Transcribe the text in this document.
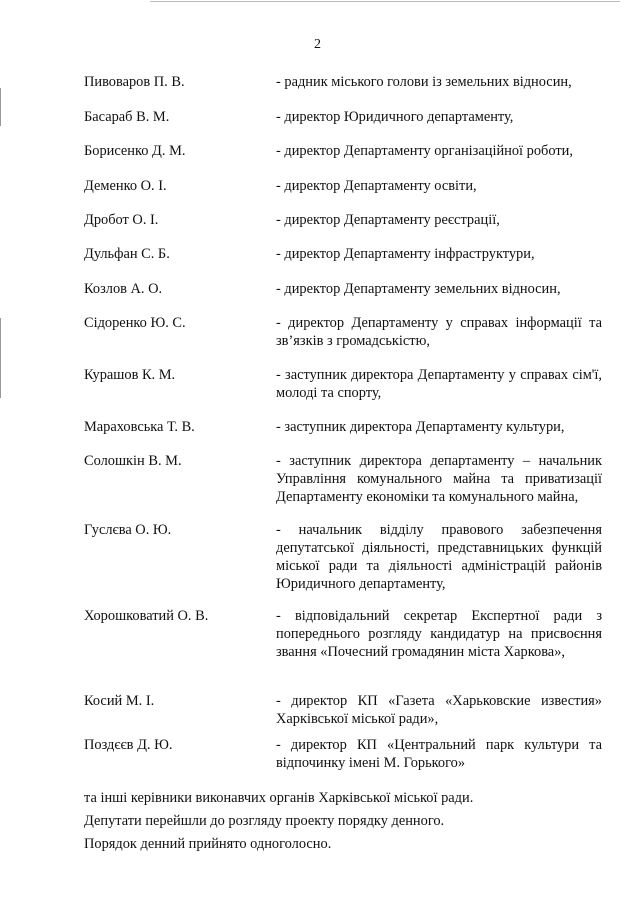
2
Пивоваров П. В.	- радник міського голови із земельних відносин,
Басараб В. М.	- директор Юридичного департаменту,
Борисенко Д. М.	- директор Департаменту організаційної роботи,
Деменко О. І.	- директор Департаменту освіти,
Дробот О. І.	- директор Департаменту реєстрації,
Дульфан С. Б.	- директор Департаменту інфраструктури,
Козлов А. О.	- директор Департаменту земельних відносин,
Сідоренко Ю. С.	- директор Департаменту у справах інформації та зв’язків з громадськістю,
Курашов К. М.	- заступник директора Департаменту у справах сім'ї, молоді та спорту,
Мараховська Т. В.	- заступник директора Департаменту культури,
Солошкін В. М.	- заступник директора департаменту – начальник Управління комунального майна та приватизації Департаменту економіки та комунального майна,
Гуслєва О. Ю.	- начальник відділу правового забезпечення депутатської діяльності, представницьких функцій міської ради та діяльності адміністрацій районів Юридичного департаменту,
Хорошковатий О. В.	- відповідальний секретар Експертної ради з попереднього розгляду кандидатур на присвоєння звання «Почесний громадянин міста Харкова»,
Косий М. І.	- директор КП «Газета «Харьковские известия» Харківської міської ради»,
Поздєєв Д. Ю.	- директор КП «Центральний парк культури та відпочинку імені М. Горького»
та інші керівники виконавчих органів Харківської міської ради.
Депутати перейшли до розгляду проекту порядку денного.
Порядок денний прийнято одноголосно.
